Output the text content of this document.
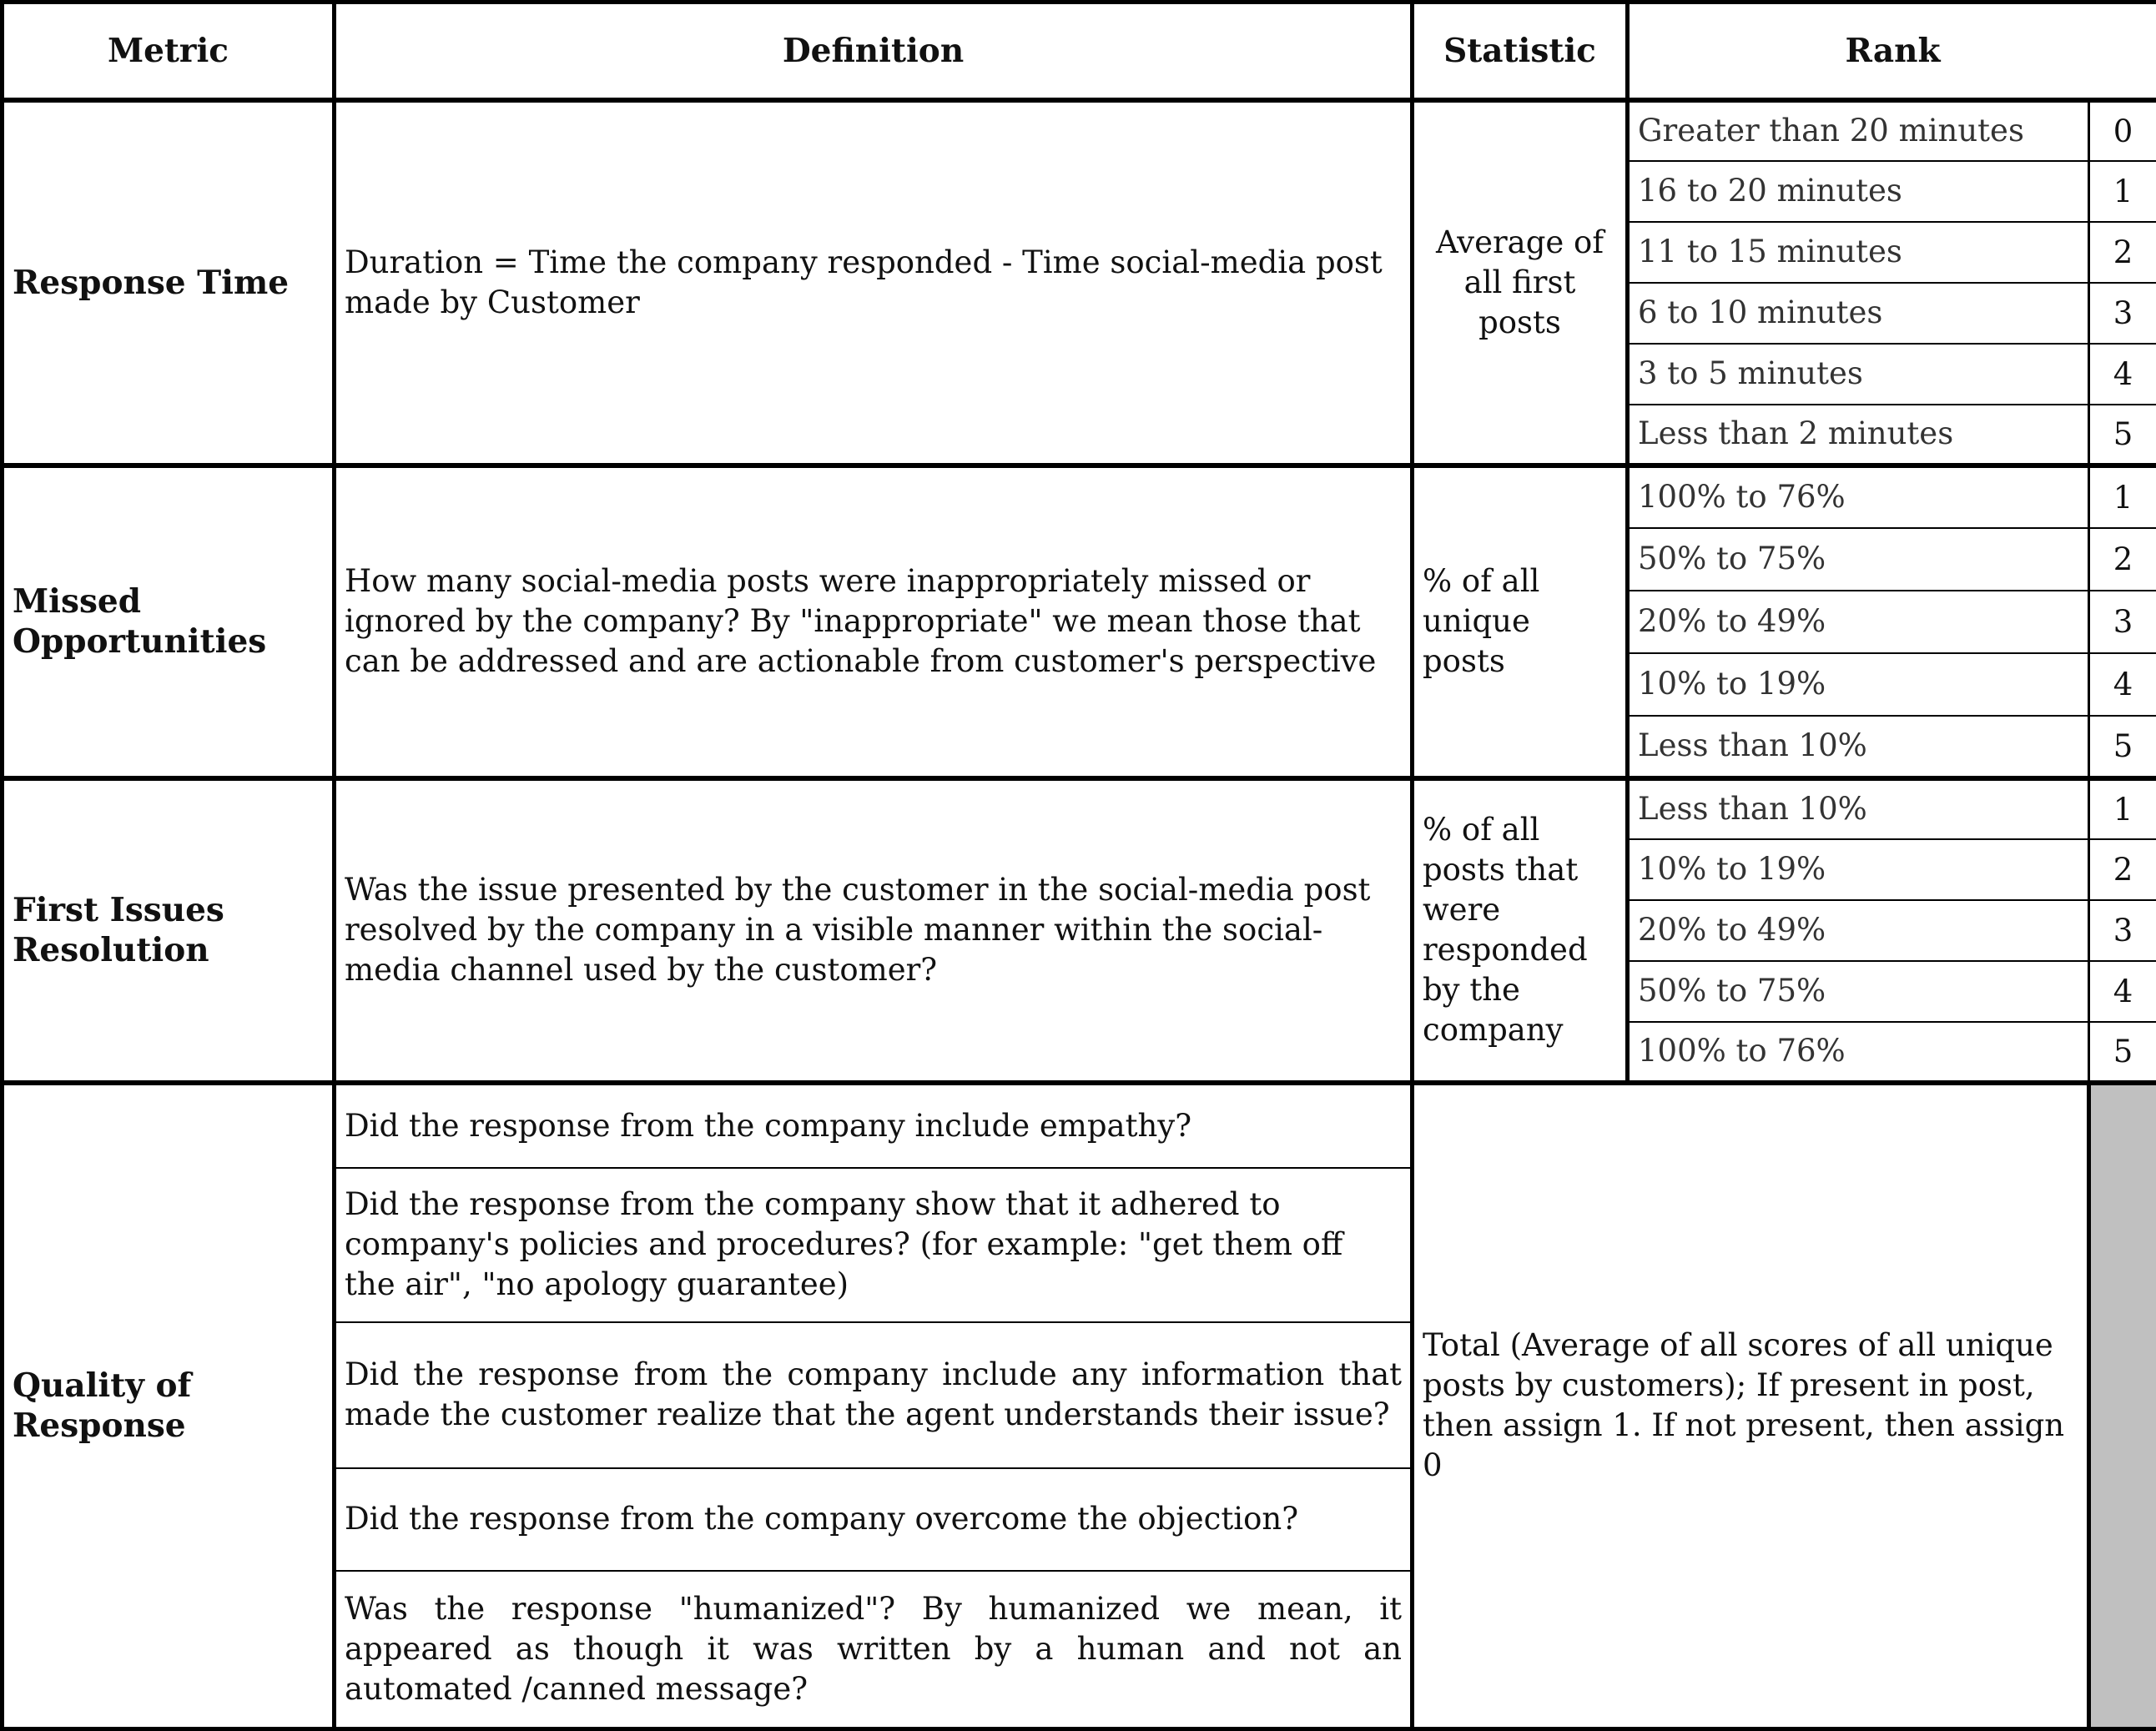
Metric	Definition	Statistic	Rank	
Response Time	Duration = Time the company responded - Time social-media post made by Customer	Average of all first posts	Greater than 20 minutes	0
			16 to 20 minutes	1
			11 to 15 minutes	2
			6 to 10 minutes	3
			3 to 5 minutes	4
			Less than 2 minutes	5
Missed Opportunities	How many social-media posts were inappropriately missed or ignored by the company? By "inappropriate" we mean those that can be addressed and are actionable from customer's perspective	% of all unique posts	100% to 76%	1
			50% to 75%	2
			20% to 49%	3
			10% to 19%	4
			Less than 10%	5
First Issues Resolution	Was the issue presented by the customer in the social-media post resolved by the company in a visible manner within the social-media channel used by the customer?	% of all posts that were responded by the company	Less than 10%	1
			10% to 19%	2
			20% to 49%	3
			50% to 75%	4
			100% to 76%	5
Quality of Response	Did the response from the company include empathy?	Total (Average of all scores of all unique posts by customers); If present in post, then assign 1. If not present, then assign 0		
	Did the response from the company show that it adhered to company's policies and procedures? (for example: "get them off the air", "no apology guarantee)			
	Did the response from the company include any information that made the customer realize that the agent understands their issue?			
	Did the response from the company overcome the objection?			
	Was the response "humanized"? By humanized we mean, it appeared as though it was written by a human and not an automated /canned message?			
